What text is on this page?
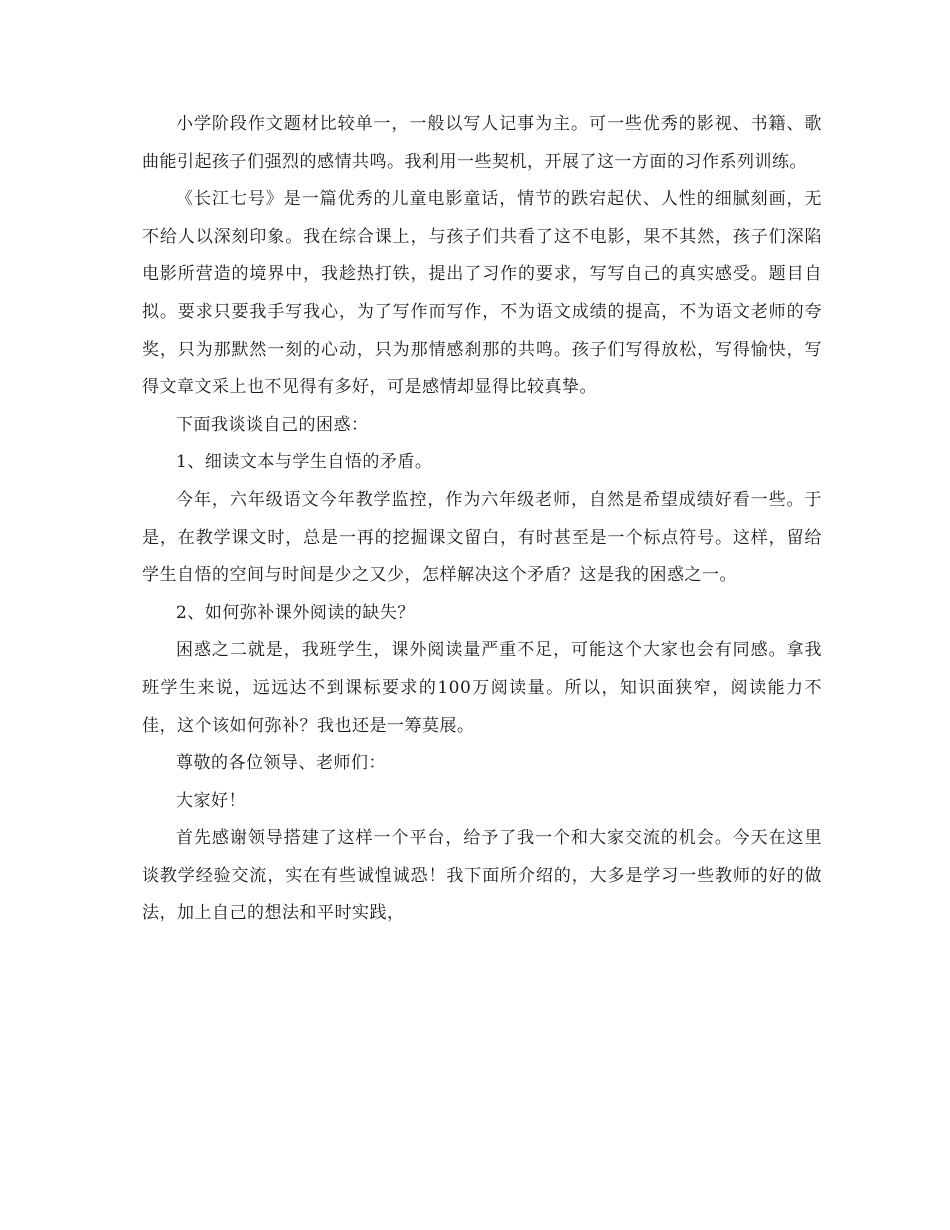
小学阶段作文题材比较单一，一般以写人记事为主。可一些优秀的影视、书籍、歌曲能引起孩子们强烈的感情共鸣。我利用一些契机，开展了这一方面的习作系列训练。

《长江七号》是一篇优秀的儿童电影童话，情节的跌宕起伏、人性的细腻刻画，无不给人以深刻印象。我在综合课上，与孩子们共看了这不电影，果不其然，孩子们深陷电影所营造的境界中，我趁热打铁，提出了习作的要求，写写自己的真实感受。题目自拟。要求只要我手写我心，为了写作而写作，不为语文成绩的提高，不为语文老师的夸奖，只为那默然一刻的心动，只为那情感刹那的共鸣。孩子们写得放松，写得愉快，写得文章文采上也不见得有多好，可是感情却显得比较真挚。

下面我谈谈自己的困惑：

1、细读文本与学生自悟的矛盾。

今年，六年级语文今年教学监控，作为六年级老师，自然是希望成绩好看一些。于是，在教学课文时，总是一再的挖掘课文留白，有时甚至是一个标点符号。这样，留给学生自悟的空间与时间是少之又少，怎样解决这个矛盾？这是我的困惑之一。

2、如何弥补课外阅读的缺失？

困惑之二就是，我班学生，课外阅读量严重不足，可能这个大家也会有同感。拿我班学生来说，远远达不到课标要求的100万阅读量。所以，知识面狭窄，阅读能力不佳，这个该如何弥补？我也还是一筹莫展。

尊敬的各位领导、老师们：

大家好！

首先感谢领导搭建了这样一个平台，给予了我一个和大家交流的机会。今天在这里谈教学经验交流，实在有些诚惶诚恐！我下面所介绍的，大多是学习一些教师的好的做法，加上自己的想法和平时实践，
